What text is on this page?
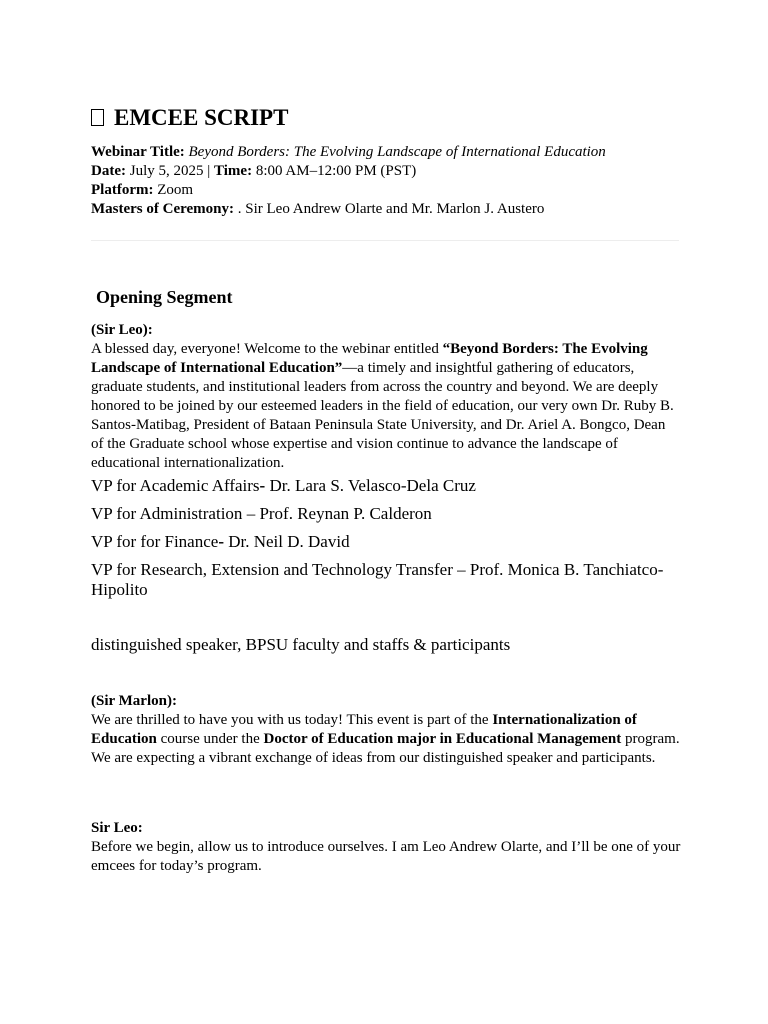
EMCEE SCRIPT

Webinar Title: Beyond Borders: The Evolving Landscape of International Education

Date: July 5, 2025 | Time: 8:00 AM–12:00 PM (PST)

Platform: Zoom

Masters of Ceremony: . Sir Leo Andrew Olarte and Mr. Marlon J. Austero

Opening Segment

(Sir Leo):

A blessed day, everyone! Welcome to the webinar entitled “Beyond Borders: The Evolving Landscape of International Education”—a timely and insightful gathering of educators, graduate students, and institutional leaders from across the country and beyond. We are deeply honored to be joined by our esteemed leaders in the field of education, our very own Dr. Ruby B. Santos-Matibag, President of Bataan Peninsula State University, and Dr. Ariel A. Bongco, Dean of the Graduate school whose expertise and vision continue to advance the landscape of educational internationalization.

VP for Academic Affairs- Dr. Lara S. Velasco-Dela Cruz

VP for Administration – Prof. Reynan P. Calderon

VP for for Finance- Dr. Neil D. David

VP for Research, Extension and Technology Transfer – Prof. Monica B. Tanchiatco-Hipolito

distinguished speaker, BPSU faculty and staffs & participants

(Sir Marlon):

We are thrilled to have you with us today! This event is part of the Internationalization of Education course under the Doctor of Education major in Educational Management program. We are expecting a vibrant exchange of ideas from our distinguished speaker and participants.

Sir Leo:

Before we begin, allow us to introduce ourselves. I am Leo Andrew Olarte, and I’ll be one of your emcees for today’s program.
